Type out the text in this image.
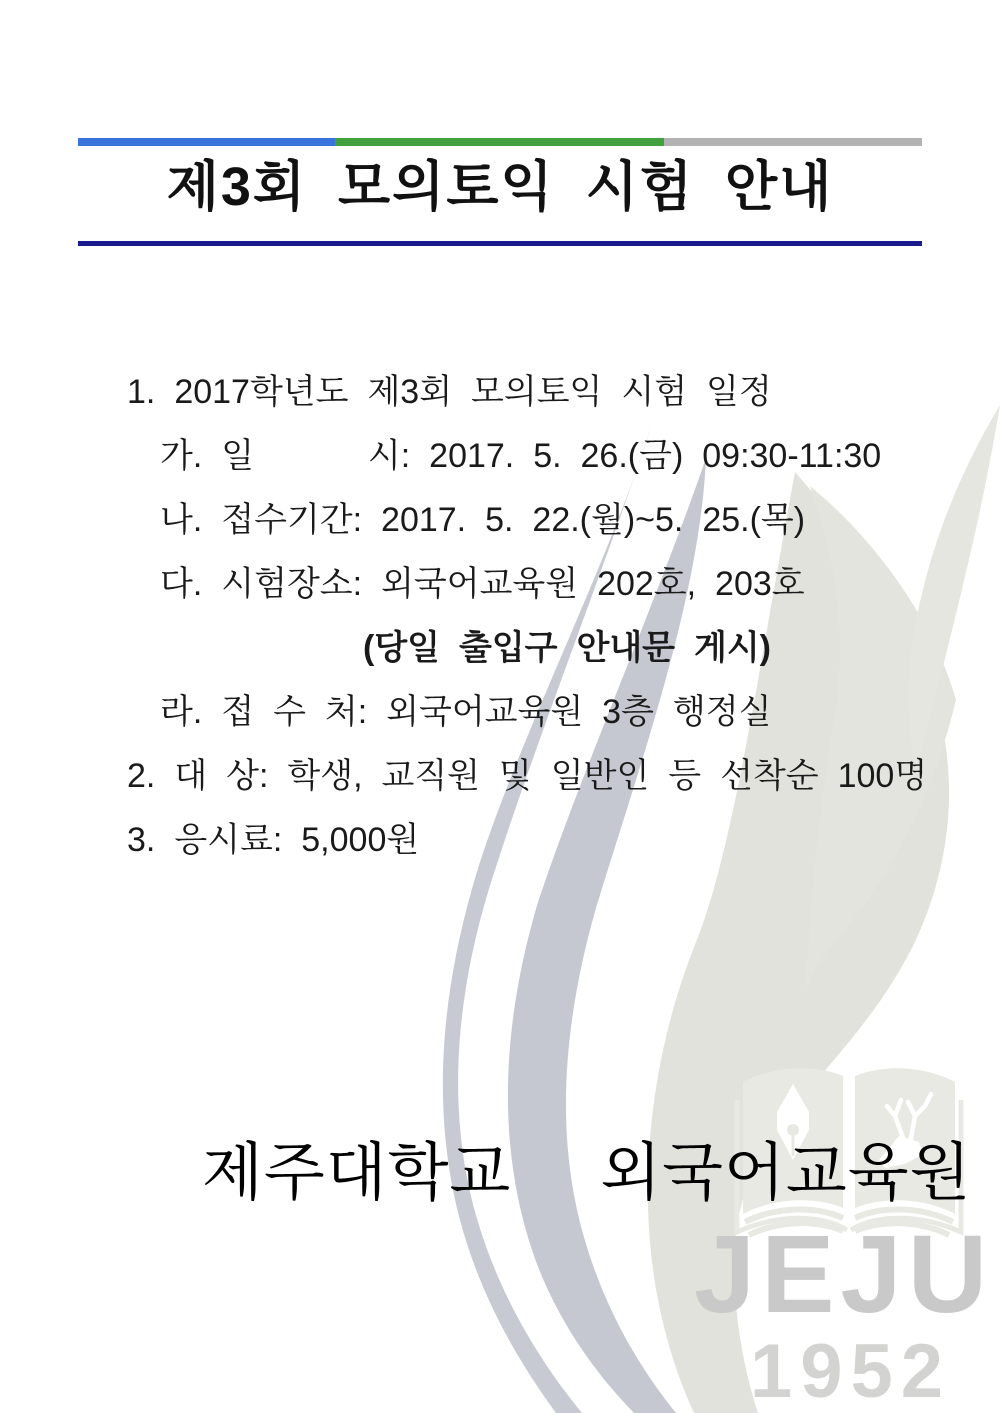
JEJU
1952
제3회 모의토익 시험 안내
1. 2017학년도 제3회 모의토익 시험 일정
가. 일      시: 2017. 5. 26.(금) 09:30-11:30
나. 접수기간: 2017. 5. 22.(월)~5. 25.(목)
다. 시험장소: 외국어교육원 202호, 203호
(당일 출입구 안내문 게시)
라. 접 수 처: 외국어교육원 3층 행정실
2. 대 상: 학생, 교직원 및 일반인 등 선착순 100명
3. 응시료: 5,000원
제주대학교  외국어교육원
